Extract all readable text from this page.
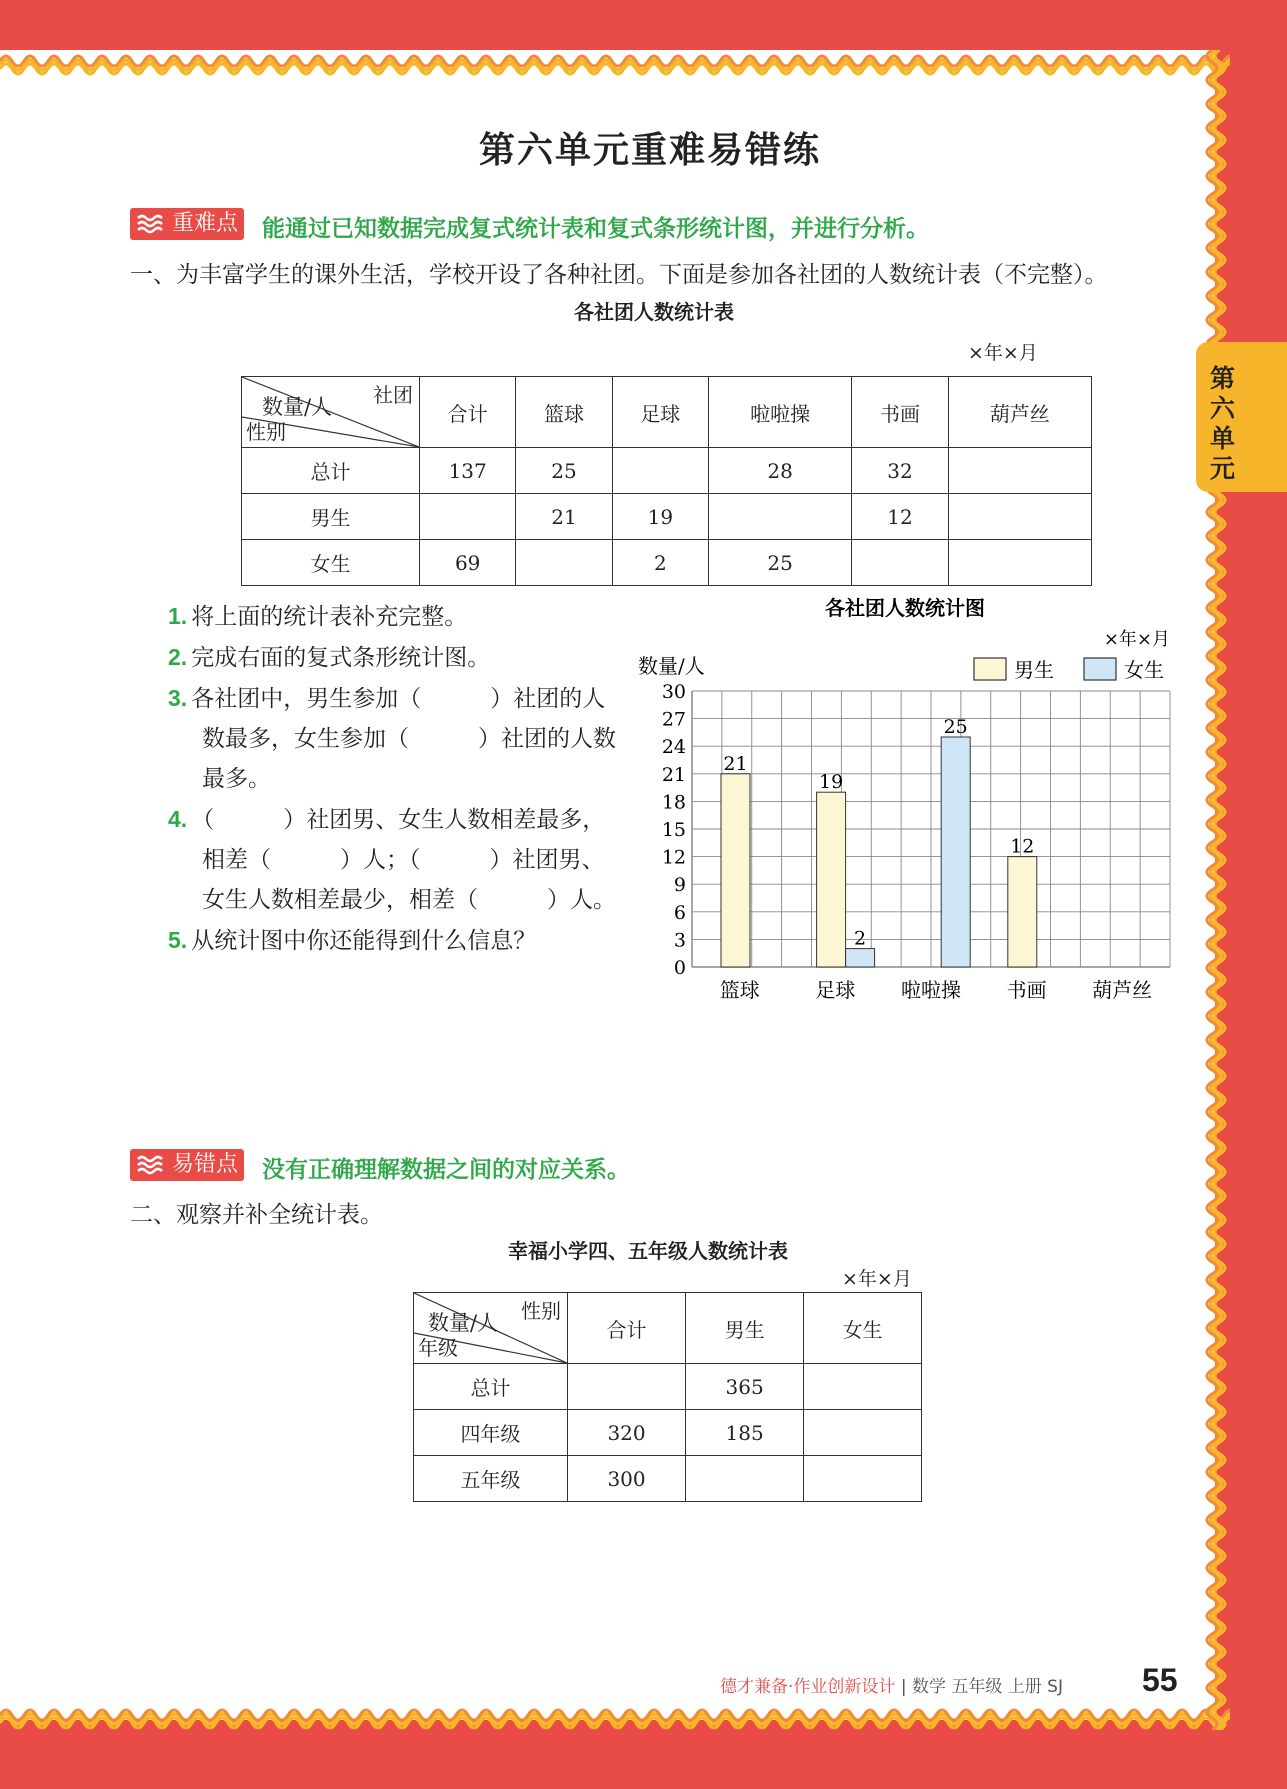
第六单元
第六单元重难易错练
重难点 能通过已知数据完成复式统计表和复式条形统计图，并进行分析。
一、为丰富学生的课外生活，学校开设了各种社团。下面是参加各社团的人数统计表（不完整）。
各社团人数统计表
×年×月
社团
数量/人
性别	合计	篮球	足球	啦啦操	书画	葫芦丝
总计	137	25		28	32	
男生		21	19		12	
女生	69		2	25		
1. 将上面的统计表补充完整。
2. 完成右面的复式条形统计图。
3. 各社团中，男生参加（　　　）社团的人数最多，女生参加（　　　）社团的人数最多。
4. （　　　）社团男、女生人数相差最多，相差（　　　）人；（　　　）社团男、女生人数相差最少，相差（　　　）人。
5. 从统计图中你还能得到什么信息？
各社团人数统计图
×年×月
数量/人	男生	女生
0
3
6
9
12
15
18
21
24
27
30
篮球
21
足球
19
2
啦啦操
25
书画
12
葫芦丝
易错点 没有正确理解数据之间的对应关系。
二、观察并补全统计表。
幸福小学四、五年级人数统计表
×年×月
性别
数量/人
年级	合计	男生	女生
总计		365	
四年级	320	185	
五年级	300		
德才兼备·作业创新设计 | 数学 五年级 上册 SJ 55
